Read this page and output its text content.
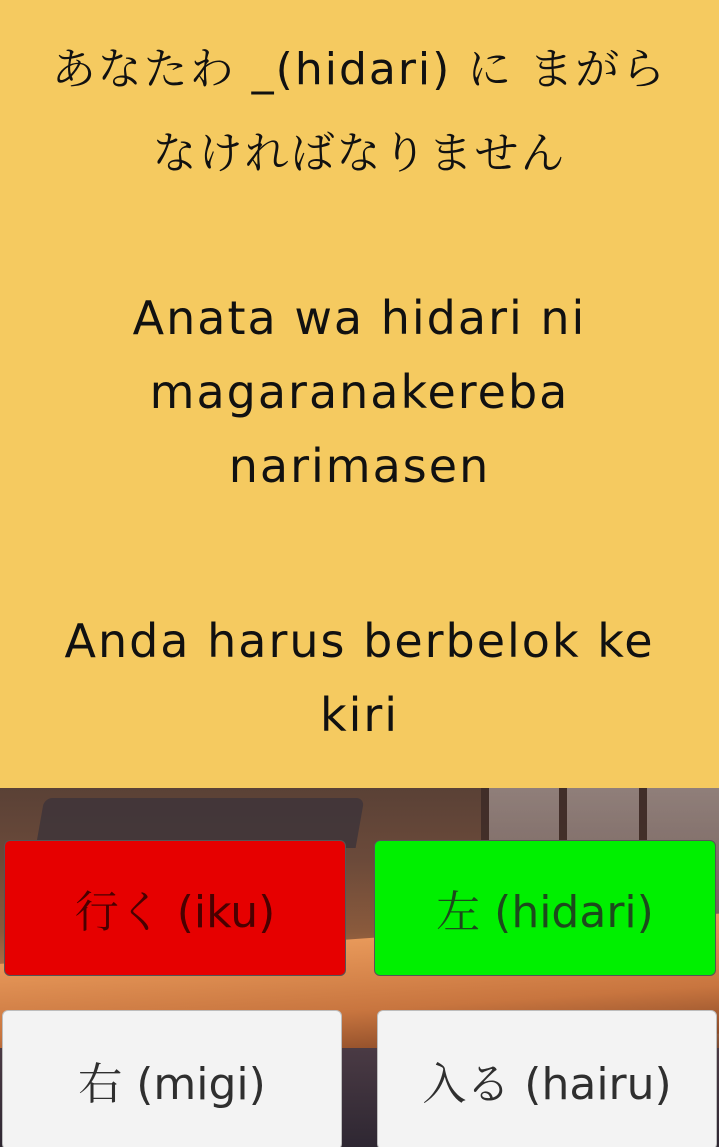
あなたわ _(hidari) に まがらなければなりません
Anata wa hidari ni magaranakereba narimasen
Anda harus berbelok ke kiri
行く (iku)	左 (hidari)
右 (migi)	入る (hairu)
